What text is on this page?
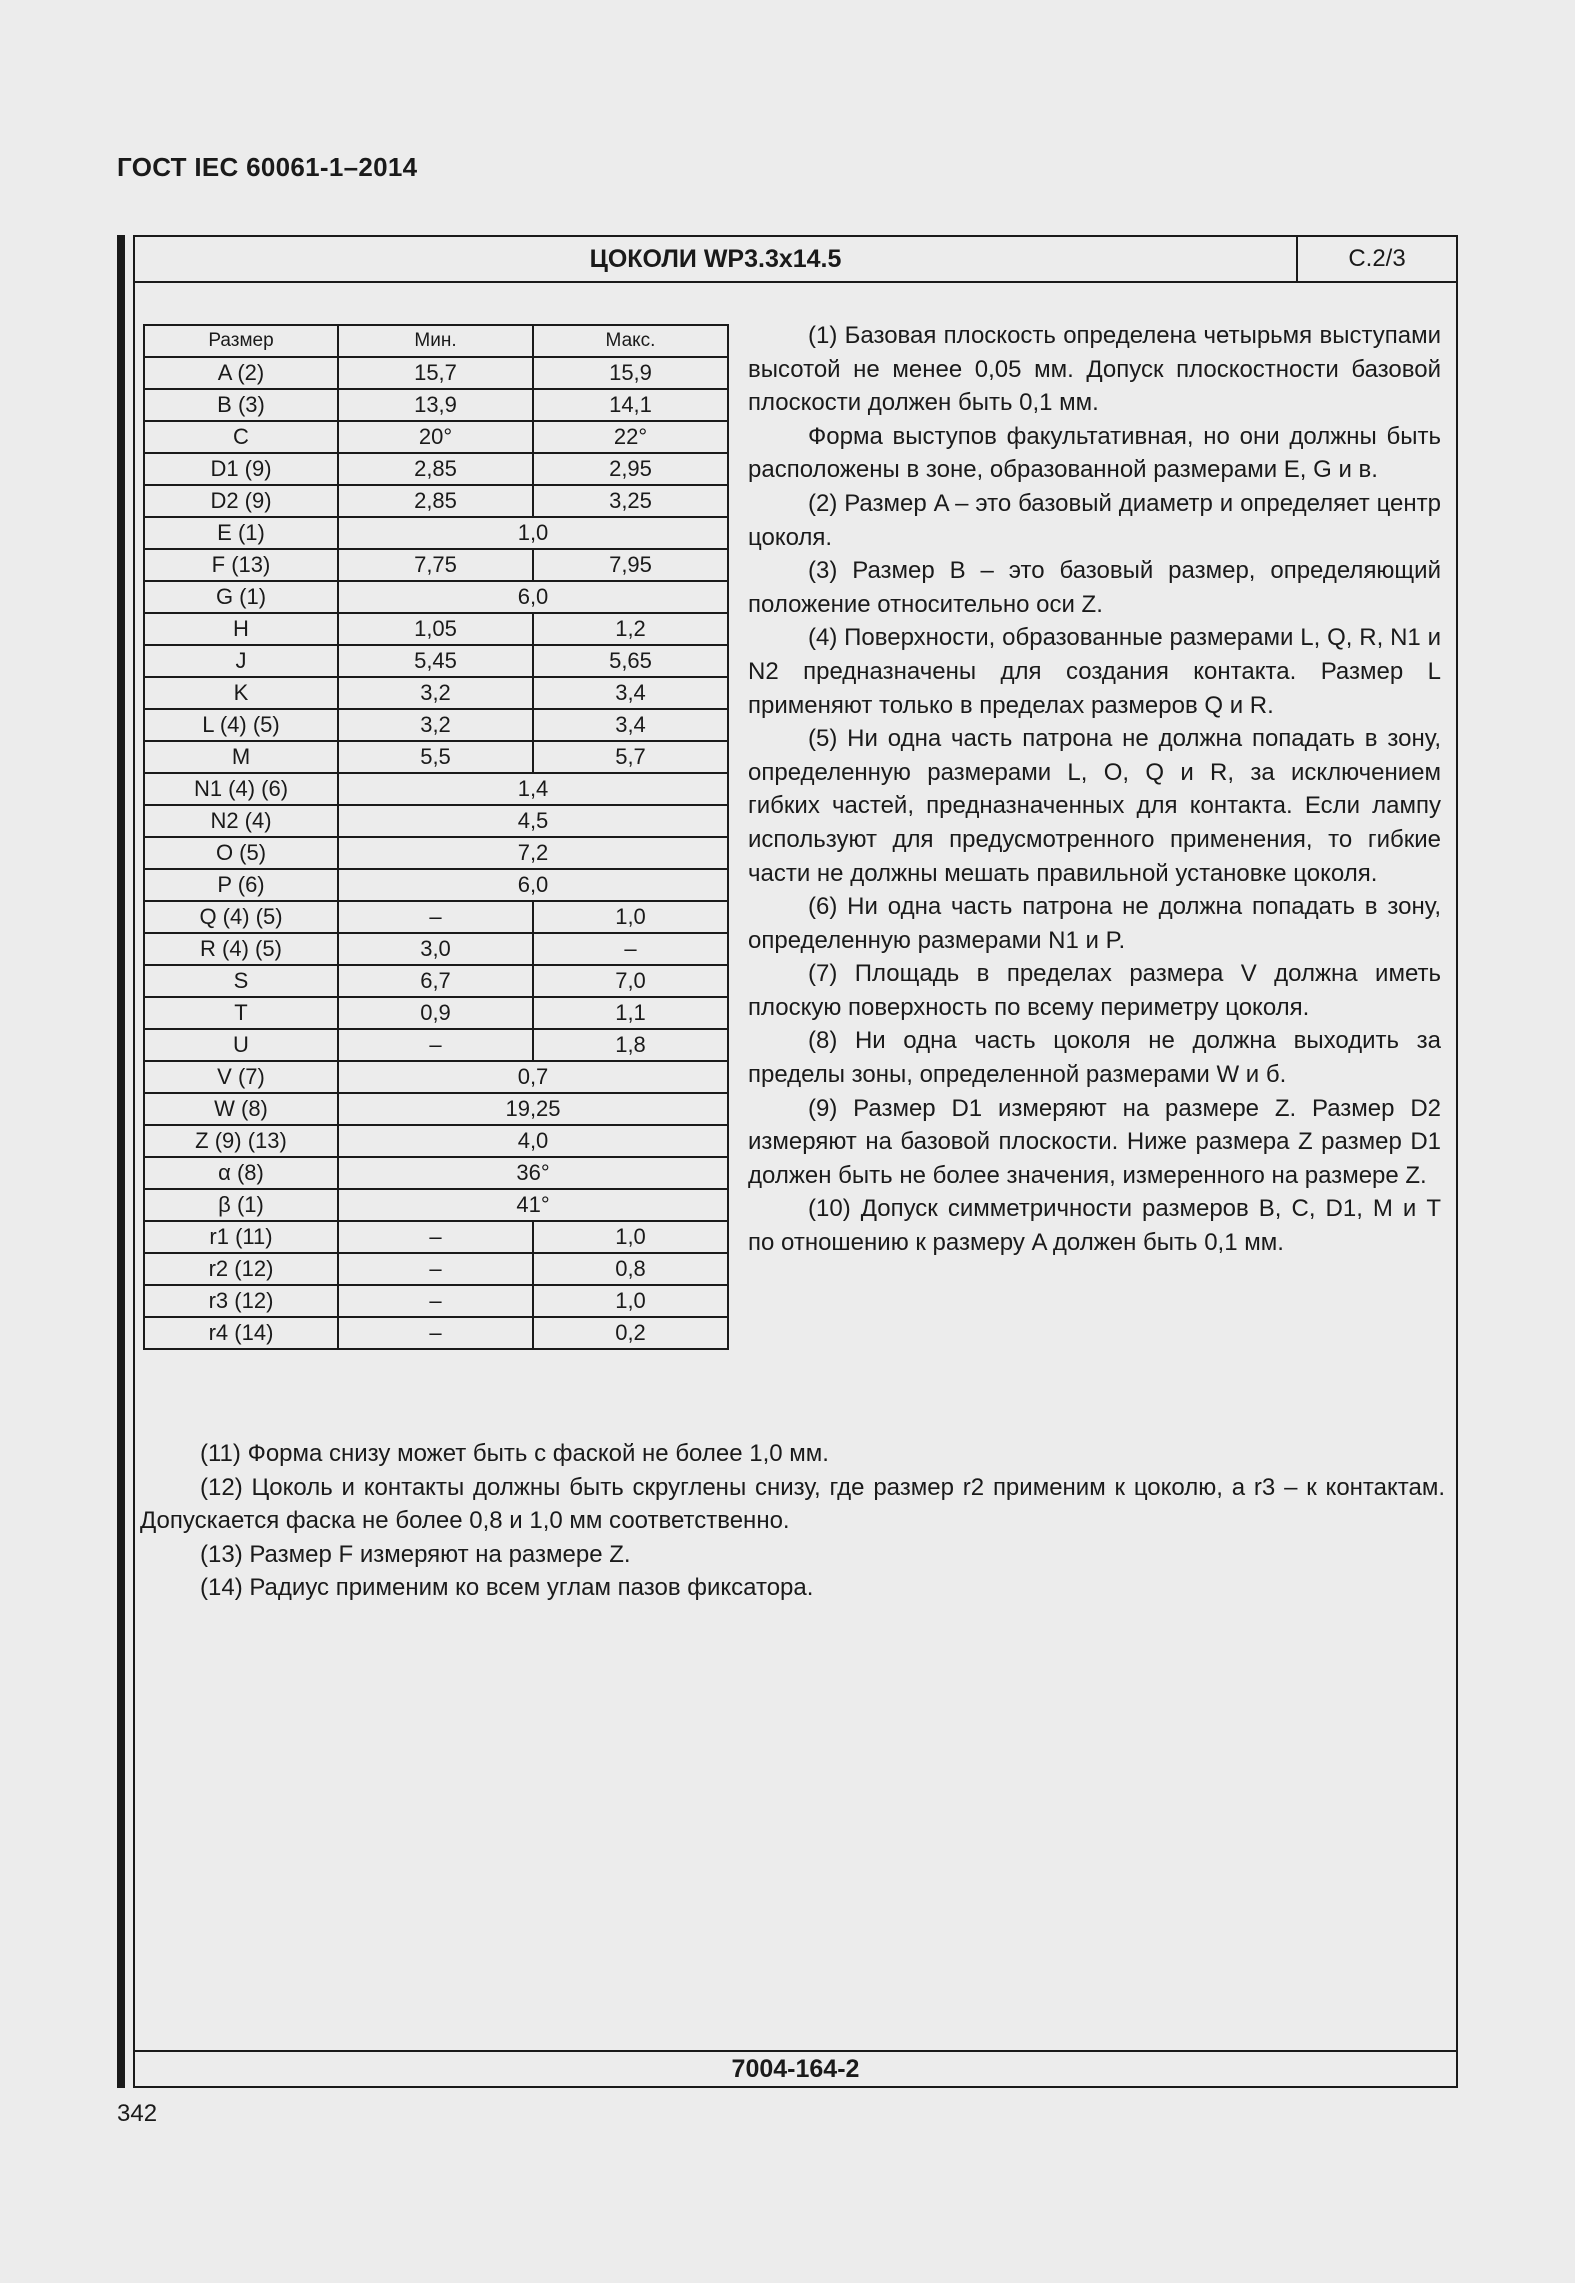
ГОСТ IEC 60061-1–2014
ЦОКОЛИ WP3.3x14.5	С.2/3
Размер	Мин.	Макс.
A (2)	15,7	15,9
B (3)	13,9	14,1
C	20°	22°
D1 (9)	2,85	2,95
D2 (9)	2,85	3,25
E (1)	1,0	
F (13)	7,75	7,95
G (1)	6,0	
H	1,05	1,2
J	5,45	5,65
K	3,2	3,4
L (4) (5)	3,2	3,4
M	5,5	5,7
N1 (4) (6)	1,4	
N2 (4)	4,5	
O (5)	7,2	
P (6)	6,0	
Q (4) (5)	–	1,0
R (4) (5)	3,0	–
S	6,7	7,0
T	0,9	1,1
U	–	1,8
V (7)	0,7	
W (8)	19,25	
Z (9) (13)	4,0	
α (8)	36°	
β (1)	41°	
r1 (11)	–	1,0
r2 (12)	–	0,8
r3 (12)	–	1,0
r4 (14)	–	0,2

(1) Базовая плоскость определена четырьмя выступами высотой не менее 0,05 мм. Допуск плоскостности базовой плоскости должен быть 0,1 мм.

Форма выступов факультативная, но они должны быть расположены в зоне, образованной размерами E, G и в.

(2) Размер A – это базовый диаметр и определяет центр цоколя.

(3) Размер B – это базовый размер, определяющий положение относительно оси Z.

(4) Поверхности, образованные размерами L, Q, R, N1 и N2 предназначены для создания контакта. Размер L применяют только в пределах размеров Q и R.

(5) Ни одна часть патрона не должна попадать в зону, определенную размерами L, O, Q и R, за исключением гибких частей, предназначенных для контакта. Если лампу используют для предусмотренного применения, то гибкие части не должны мешать правильной установке цоколя.

(6) Ни одна часть патрона не должна попадать в зону, определенную размерами N1 и P.

(7) Площадь в пределах размера V должна иметь плоскую поверхность по всему периметру цоколя.

(8) Ни одна часть цоколя не должна выходить за пределы зоны, определенной размерами W и б.

(9) Размер D1 измеряют на размере Z. Размер D2 измеряют на базовой плоскости. Ниже размера Z размер D1 должен быть не более значения, измеренного на размере Z.

(10) Допуск симметричности размеров B, C, D1, M и T по отношению к размеру A должен быть 0,1 мм.

(11) Форма снизу может быть с фаской не более 1,0 мм.

(12) Цоколь и контакты должны быть скруглены снизу, где размер r2 применим к цоколю, а r3 – к контактам. Допускается фаска не более 0,8 и 1,0 мм соответственно.

(13) Размер F измеряют на размере Z.

(14) Радиус применим ко всем углам пазов фиксатора.

7004-164-2
342
